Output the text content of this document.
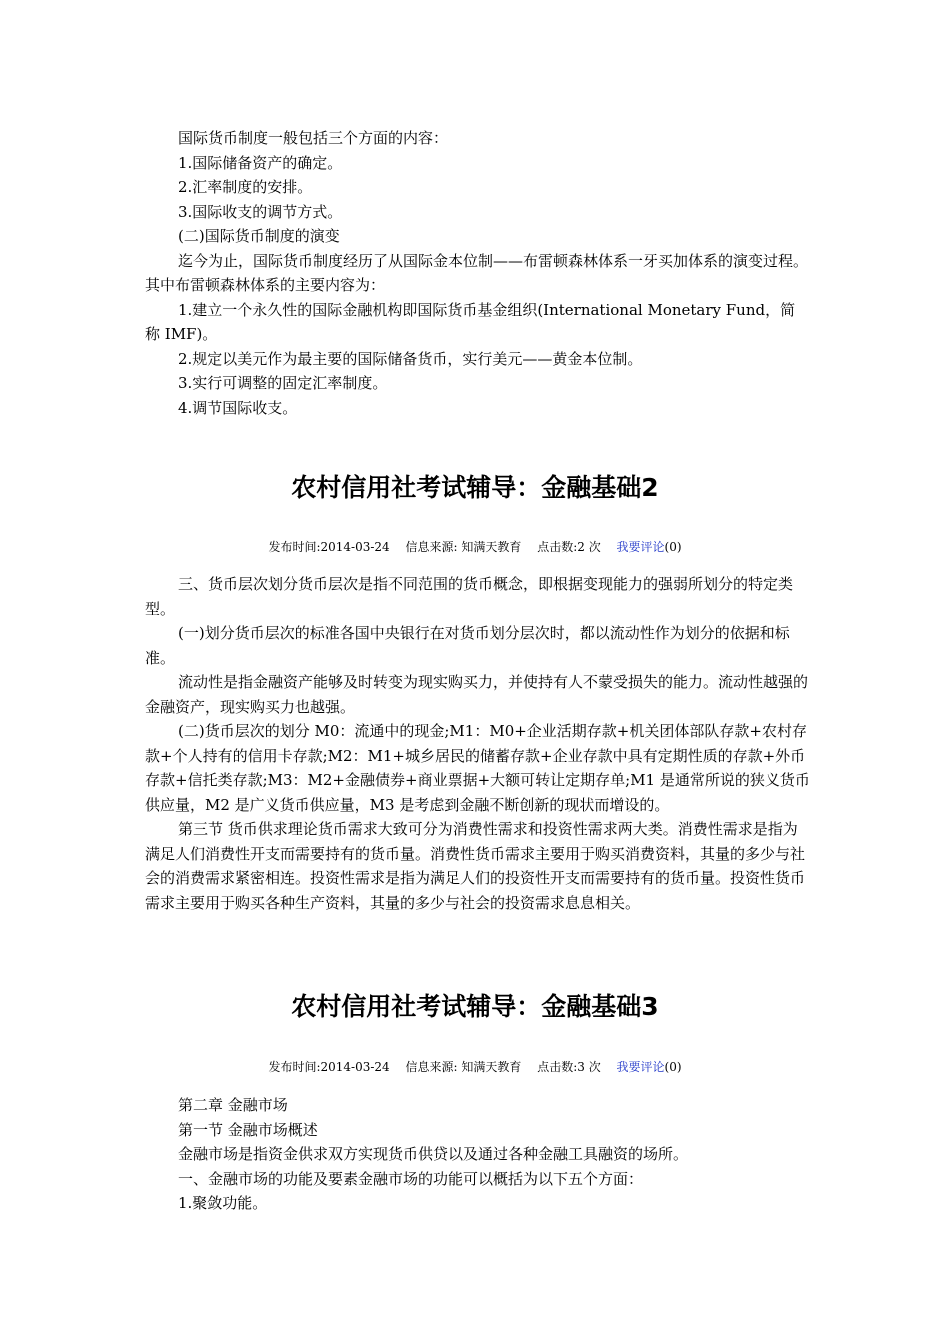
国际货币制度一般包括三个方面的内容：

1.国际储备资产的确定。

2.汇率制度的安排。

3.国际收支的调节方式。

(二)国际货币制度的演变

迄今为止，国际货币制度经历了从国际金本位制——布雷顿森林体系一牙买加体系的演变过程。其中布雷顿森林体系的主要内容为：

1.建立一个永久性的国际金融机构即国际货币基金组织(International Monetary Fund，简称 IMF)。

2.规定以美元作为最主要的国际储备货币，实行美元——黄金本位制。

3.实行可调整的固定汇率制度。

4.调节国际收支。

农村信用社考试辅导：金融基础2
发布时间:2014-03-24 信息来源: 知满天教育 点击数:2 次 我要评论(0)

三、货币层次划分货币层次是指不同范围的货币概念，即根据变现能力的强弱所划分的特定类型。

(一)划分货币层次的标准各国中央银行在对货币划分层次时，都以流动性作为划分的依据和标准。

流动性是指金融资产能够及时转变为现实购买力，并使持有人不蒙受损失的能力。流动性越强的金融资产，现实购买力也越强。

(二)货币层次的划分 M0：流通中的现金;M1：M0+企业活期存款+机关团体部队存款+农村存款+个人持有的信用卡存款;M2：M1+城乡居民的储蓄存款+企业存款中具有定期性质的存款+外币存款+信托类存款;M3：M2+金融债券+商业票据+大额可转让定期存单;M1 是通常所说的狭义货币供应量，M2 是广义货币供应量，M3 是考虑到金融不断创新的现状而增设的。

第三节 货币供求理论货币需求大致可分为消费性需求和投资性需求两大类。消费性需求是指为满足人们消费性开支而需要持有的货币量。消费性货币需求主要用于购买消费资料，其量的多少与社会的消费需求紧密相连。投资性需求是指为满足人们的投资性开支而需要持有的货币量。投资性货币需求主要用于购买各种生产资料，其量的多少与社会的投资需求息息相关。

农村信用社考试辅导：金融基础3
发布时间:2014-03-24 信息来源: 知满天教育 点击数:3 次 我要评论(0)

第二章 金融市场

第一节 金融市场概述

金融市场是指资金供求双方实现货币供贷以及通过各种金融工具融资的场所。

一、金融市场的功能及要素金融市场的功能可以概括为以下五个方面：

1.聚敛功能。
